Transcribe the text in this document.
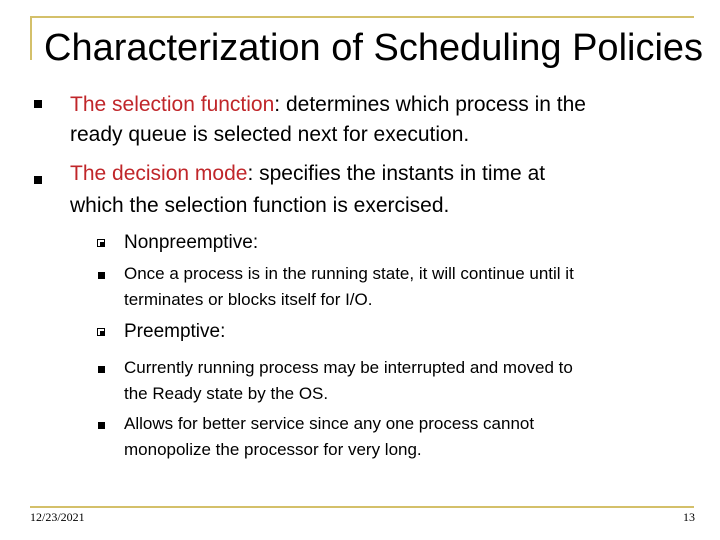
Characterization of Scheduling Policies
The selection function: determines which process in the
ready queue is selected next for execution.
The decision mode: specifies the instants in time at
which the selection function is exercised.
Nonpreemptive:
Once a process is in the running state, it will continue until it
terminates or blocks itself for I/O.
Preemptive:
Currently running process may be interrupted and moved to
the Ready state by the OS.
Allows for better service since any one process cannot
monopolize the processor for very long.
12/23/2021	13
